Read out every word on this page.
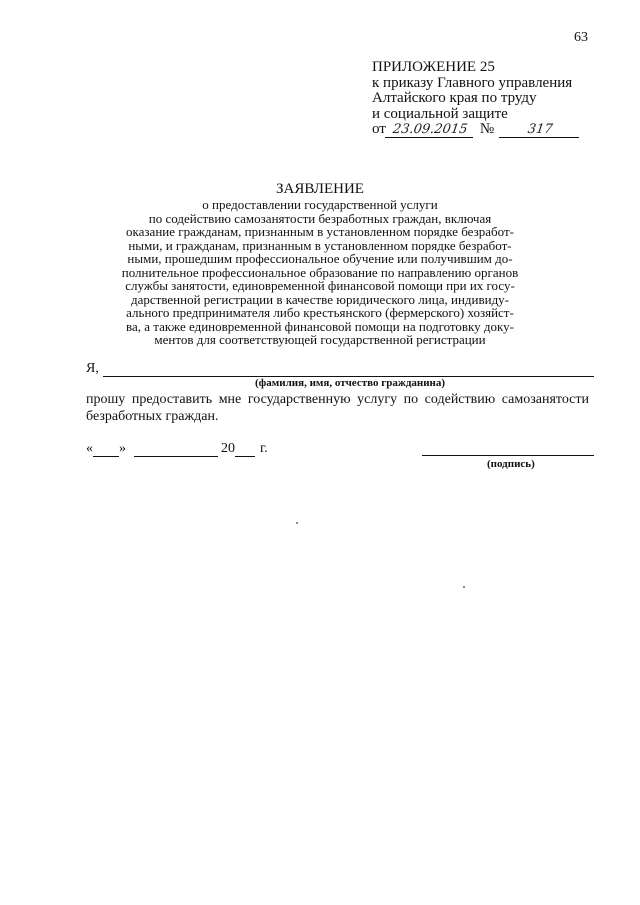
63
ПРИЛОЖЕНИЕ 25
к приказу Главного управления
Алтайского края по труду
и социальной защите
от 23.09.2015 №	317
ЗАЯВЛЕНИЕ
о предоставлении государственной услуги
по содействию самозанятости безработных граждан, включая
оказание гражданам, признанным в установленном порядке безработ-
ными, и гражданам, признанным в установленном порядке безработ-
ными, прошедшим профессиональное обучение или получившим до-
полнительное профессиональное образование по направлению органов
службы занятости, единовременной финансовой помощи при их госу-
дарственной регистрации в качестве юридического лица, индивиду-
ального предпринимателя либо крестьянского (фермерского) хозяйст-
ва, а также единовременной финансовой помощи на подготовку доку-
ментов для соответствующей государственной регистрации
Я,
(фамилия, имя, отчество гражданина)
прошу предоставить мне государственную услугу по содействию самозанятости безработных граждан.
« »	20 г.
(подпись)
